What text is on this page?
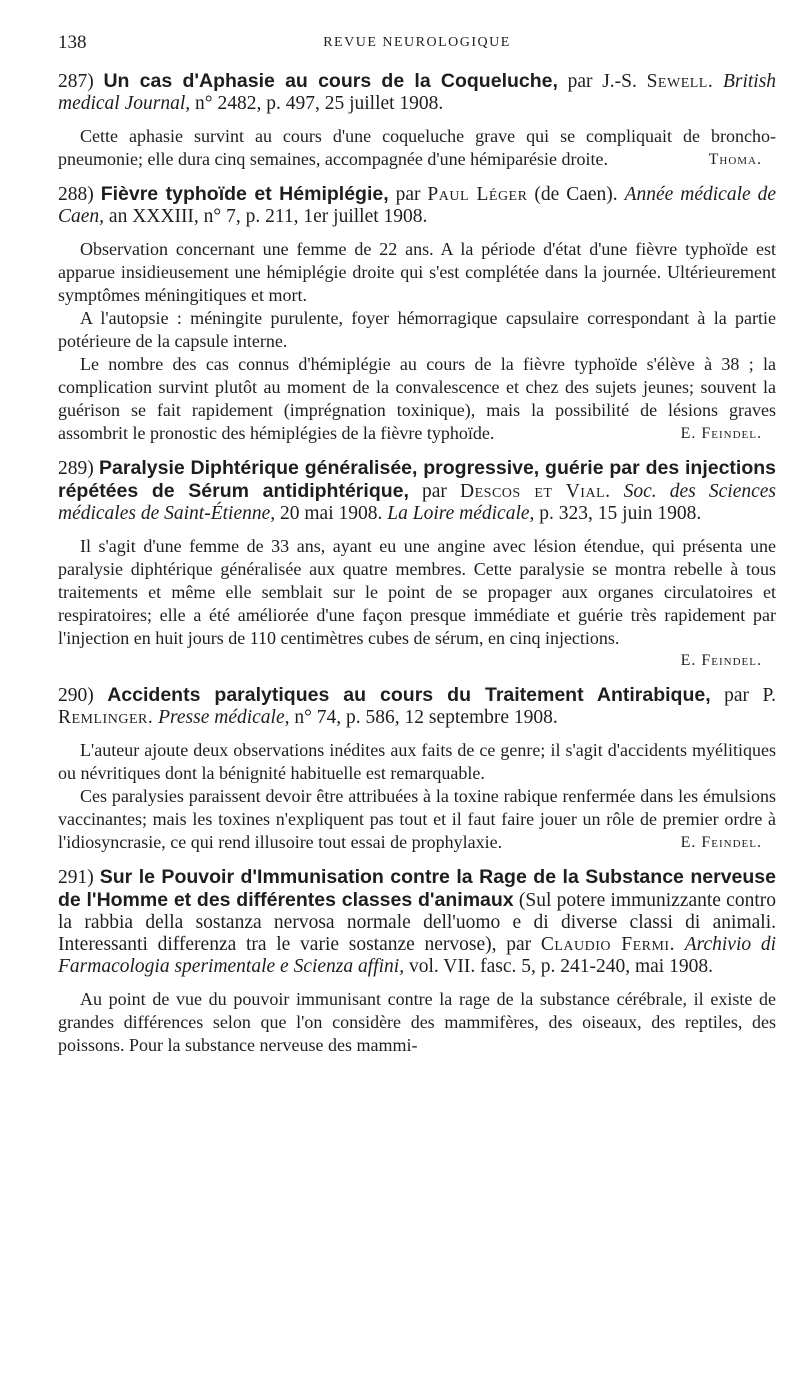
138	REVUE NEUROLOGIQUE
287) Un cas d'Aphasie au cours de la Coqueluche, par J.-S. Sewell. British medical Journal, n° 2482, p. 497, 25 juillet 1908.

Cette aphasie survint au cours d'une coqueluche grave qui se compliquait de broncho-pneumonie; elle dura cinq semaines, accompagnée d'une hémiparésie droite.	Thoma.
288) Fièvre typhoïde et Hémiplégie, par Paul Léger (de Caen). Année médicale de Caen, an XXXIII, n° 7, p. 211, 1er juillet 1908.

Observation concernant une femme de 22 ans. A la période d'état d'une fièvre typhoïde est apparue insidieusement une hémiplégie droite qui s'est complétée dans la journée. Ultérieurement symptômes méningitiques et mort.

A l'autopsie : méningite purulente, foyer hémorragique capsulaire correspondant à la partie potérieure de la capsule interne.

Le nombre des cas connus d'hémiplégie au cours de la fièvre typhoïde s'élève à 38 ; la complication survint plutôt au moment de la convalescence et chez des sujets jeunes; souvent la guérison se fait rapidement (imprégnation toxinique), mais la possibilité de lésions graves assombrit le pronostic des hémiplégies de la fièvre typhoïde.	E. Feindel.
289) Paralysie Diphtérique généralisée, progressive, guérie par des injections répétées de Sérum antidiphtérique, par Descos et Vial. Soc. des Sciences médicales de Saint-Étienne, 20 mai 1908. La Loire médicale, p. 323, 15 juin 1908.

Il s'agit d'une femme de 33 ans, ayant eu une angine avec lésion étendue, qui présenta une paralysie diphtérique généralisée aux quatre membres. Cette paralysie se montra rebelle à tous traitements et même elle semblait sur le point de se propager aux organes circulatoires et respiratoires; elle a été améliorée d'une façon presque immédiate et guérie très rapidement par l'injection en huit jours de 110 centimètres cubes de sérum, en cinq injections.

E. Feindel.
290) Accidents paralytiques au cours du Traitement Antirabique, par P. Remlinger. Presse médicale, n° 74, p. 586, 12 septembre 1908.

L'auteur ajoute deux observations inédites aux faits de ce genre; il s'agit d'accidents myélitiques ou névritiques dont la bénignité habituelle est remarquable.

Ces paralysies paraissent devoir être attribuées à la toxine rabique renfermée dans les émulsions vaccinantes; mais les toxines n'expliquent pas tout et il faut faire jouer un rôle de premier ordre à l'idiosyncrasie, ce qui rend illusoire tout essai de prophylaxie.	E. Feindel.
291) Sur le Pouvoir d'Immunisation contre la Rage de la Substance nerveuse de l'Homme et des différentes classes d'animaux (Sul potere immunizzante contro la rabbia della sostanza nervosa normale dell'uomo e di diverse classi di animali. Interessanti differenza tra le varie sostanze nervose), par Claudio Fermi. Archivio di Farmacologia sperimentale e Scienza affini, vol. VII. fasc. 5, p. 241-240, mai 1908.

Au point de vue du pouvoir immunisant contre la rage de la substance cérébrale, il existe de grandes différences selon que l'on considère des mammifères, des oiseaux, des reptiles, des poissons. Pour la substance nerveuse des mammi-
